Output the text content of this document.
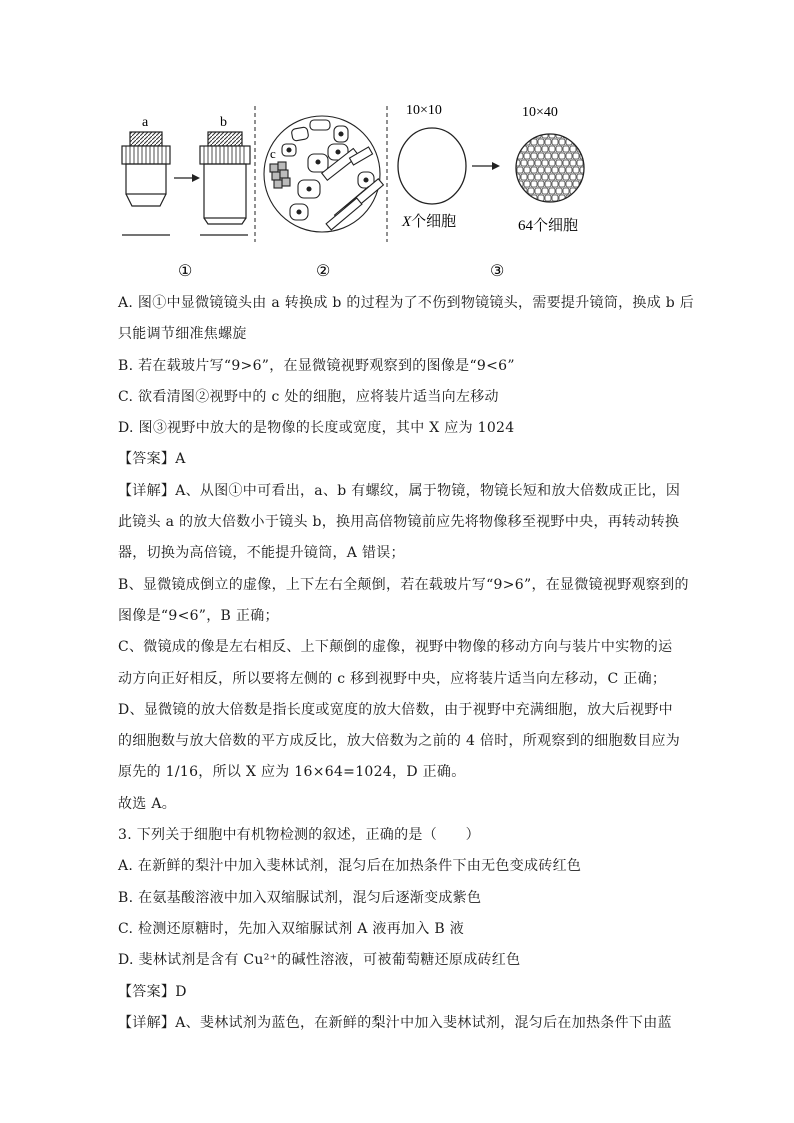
a	b
①
c
②
10×10
X个细胞
10×40
64个细胞
③
A. 图①中显微镜镜头由 a 转换成 b 的过程为了不伤到物镜镜头，需要提升镜筒，换成 b 后
只能调节细准焦螺旋
B. 若在载玻片写“9>6”，在显微镜视野观察到的图像是“9<6”
C. 欲看清图②视野中的 c 处的细胞，应将装片适当向左移动
D. 图③视野中放大的是物像的长度或宽度，其中 X 应为 1024
【答案】A
【详解】A、从图①中可看出，a、b 有螺纹，属于物镜，物镜长短和放大倍数成正比，因
此镜头 a 的放大倍数小于镜头 b，换用高倍物镜前应先将物像移至视野中央，再转动转换
器，切换为高倍镜，不能提升镜筒，A 错误；
B、显微镜成倒立的虚像，上下左右全颠倒，若在载玻片写“9>6”，在显微镜视野观察到的
图像是“9<6”，B 正确；
C、微镜成的像是左右相反、上下颠倒的虚像，视野中物像的移动方向与装片中实物的运
动方向正好相反，所以要将左侧的 c 移到视野中央，应将装片适当向左移动，C 正确；
D、显微镜的放大倍数是指长度或宽度的放大倍数，由于视野中充满细胞，放大后视野中
的细胞数与放大倍数的平方成反比，放大倍数为之前的 4 倍时，所观察到的细胞数目应为
原先的 1/16，所以 X 应为 16×64=1024，D 正确。
故选 A。
3. 下列关于细胞中有机物检测的叙述，正确的是（　　）
A. 在新鲜的梨汁中加入斐林试剂，混匀后在加热条件下由无色变成砖红色
B. 在氨基酸溶液中加入双缩脲试剂，混匀后逐渐变成紫色
C. 检测还原糖时，先加入双缩脲试剂 A 液再加入 B 液
D. 斐林试剂是含有 Cu²⁺的碱性溶液，可被葡萄糖还原成砖红色
【答案】D
【详解】A、斐林试剂为蓝色，在新鲜的梨汁中加入斐林试剂，混匀后在加热条件下由蓝
